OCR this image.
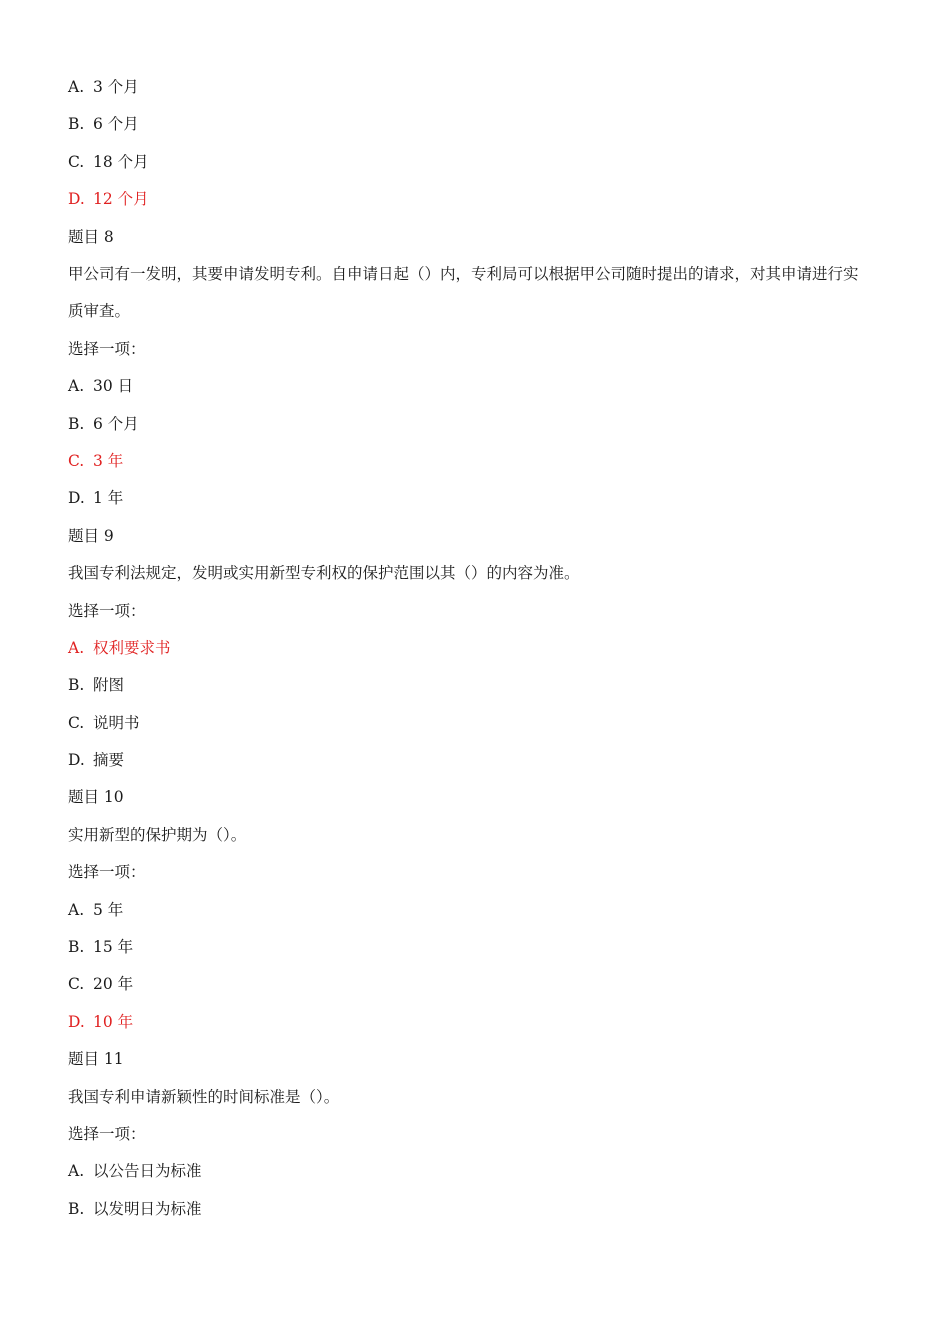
A. 3 个月
B. 6 个月
C. 18 个月
D. 12 个月
题目 8
甲公司有一发明，其要申请发明专利。自申请日起（）内，专利局可以根据甲公司随时提出的请求，对其申请进行实质审查。
选择一项：
A. 30 日
B. 6 个月
C. 3 年
D. 1 年
题目 9
我国专利法规定，发明或实用新型专利权的保护范围以其（）的内容为准。
选择一项：
A. 权利要求书
B. 附图
C. 说明书
D. 摘要
题目 10
实用新型的保护期为（）。
选择一项：
A. 5 年
B. 15 年
C. 20 年
D. 10 年
题目 11
我国专利申请新颖性的时间标准是（）。
选择一项：
A. 以公告日为标准
B. 以发明日为标准
